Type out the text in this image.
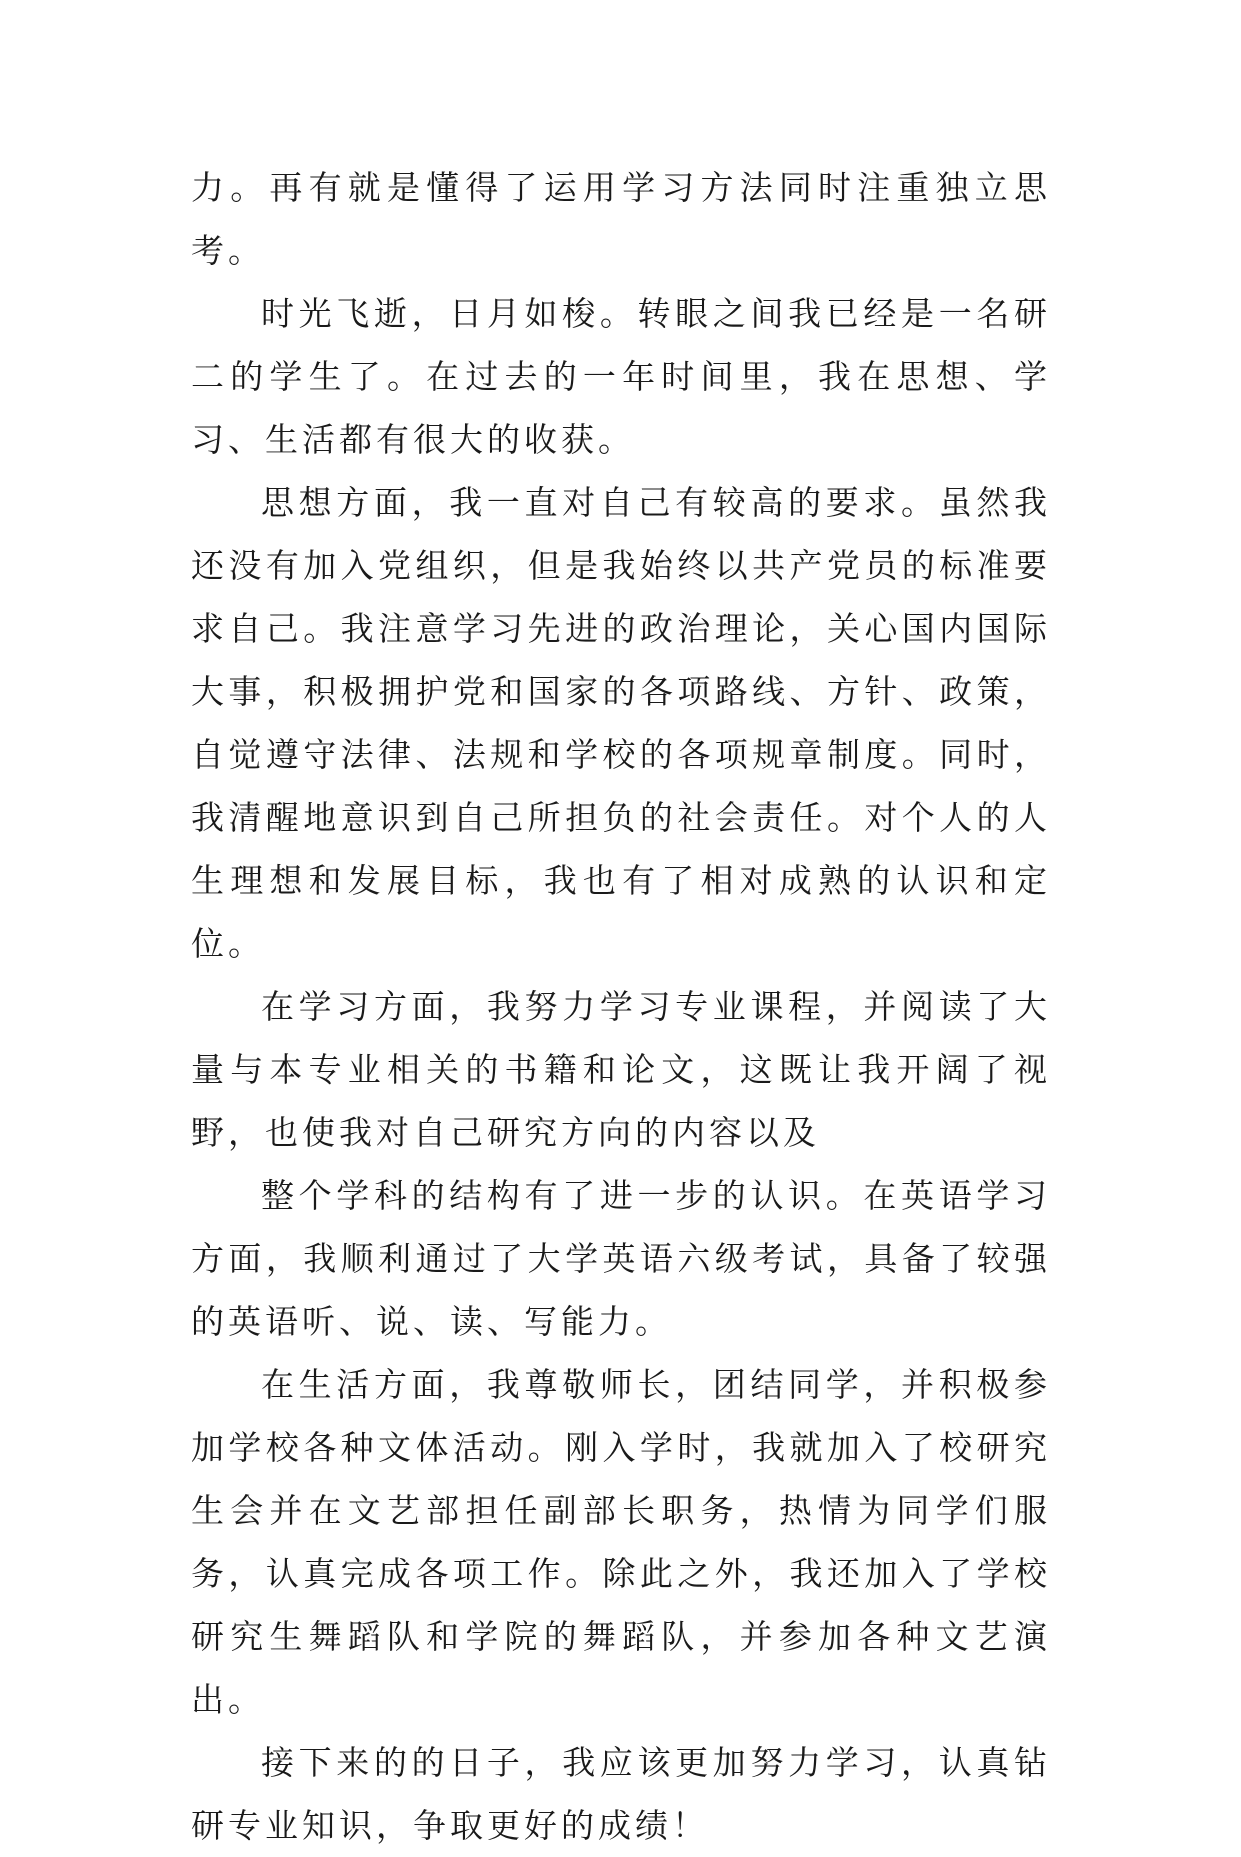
力。再有就是懂得了运用学习方法同时注重独立思考。

时光飞逝，日月如梭。转眼之间我已经是一名研二的学生了。在过去的一年时间里，我在思想、学习、生活都有很大的收获。

思想方面，我一直对自己有较高的要求。虽然我还没有加入党组织，但是我始终以共产党员的标准要求自己。我注意学习先进的政治理论，关心国内国际大事，积极拥护党和国家的各项路线、方针、政策，自觉遵守法律、法规和学校的各项规章制度。同时，我清醒地意识到自己所担负的社会责任。对个人的人生理想和发展目标，我也有了相对成熟的认识和定位。

在学习方面，我努力学习专业课程，并阅读了大量与本专业相关的书籍和论文，这既让我开阔了视野，也使我对自己研究方向的内容以及

整个学科的结构有了进一步的认识。在英语学习方面，我顺利通过了大学英语六级考试，具备了较强的英语听、说、读、写能力。

在生活方面，我尊敬师长，团结同学，并积极参加学校各种文体活动。刚入学时，我就加入了校研究生会并在文艺部担任副部长职务，热情为同学们服务，认真完成各项工作。除此之外，我还加入了学校研究生舞蹈队和学院的舞蹈队，并参加各种文艺演出。

接下来的的日子，我应该更加努力学习，认真钻研专业知识，争取更好的成绩！
